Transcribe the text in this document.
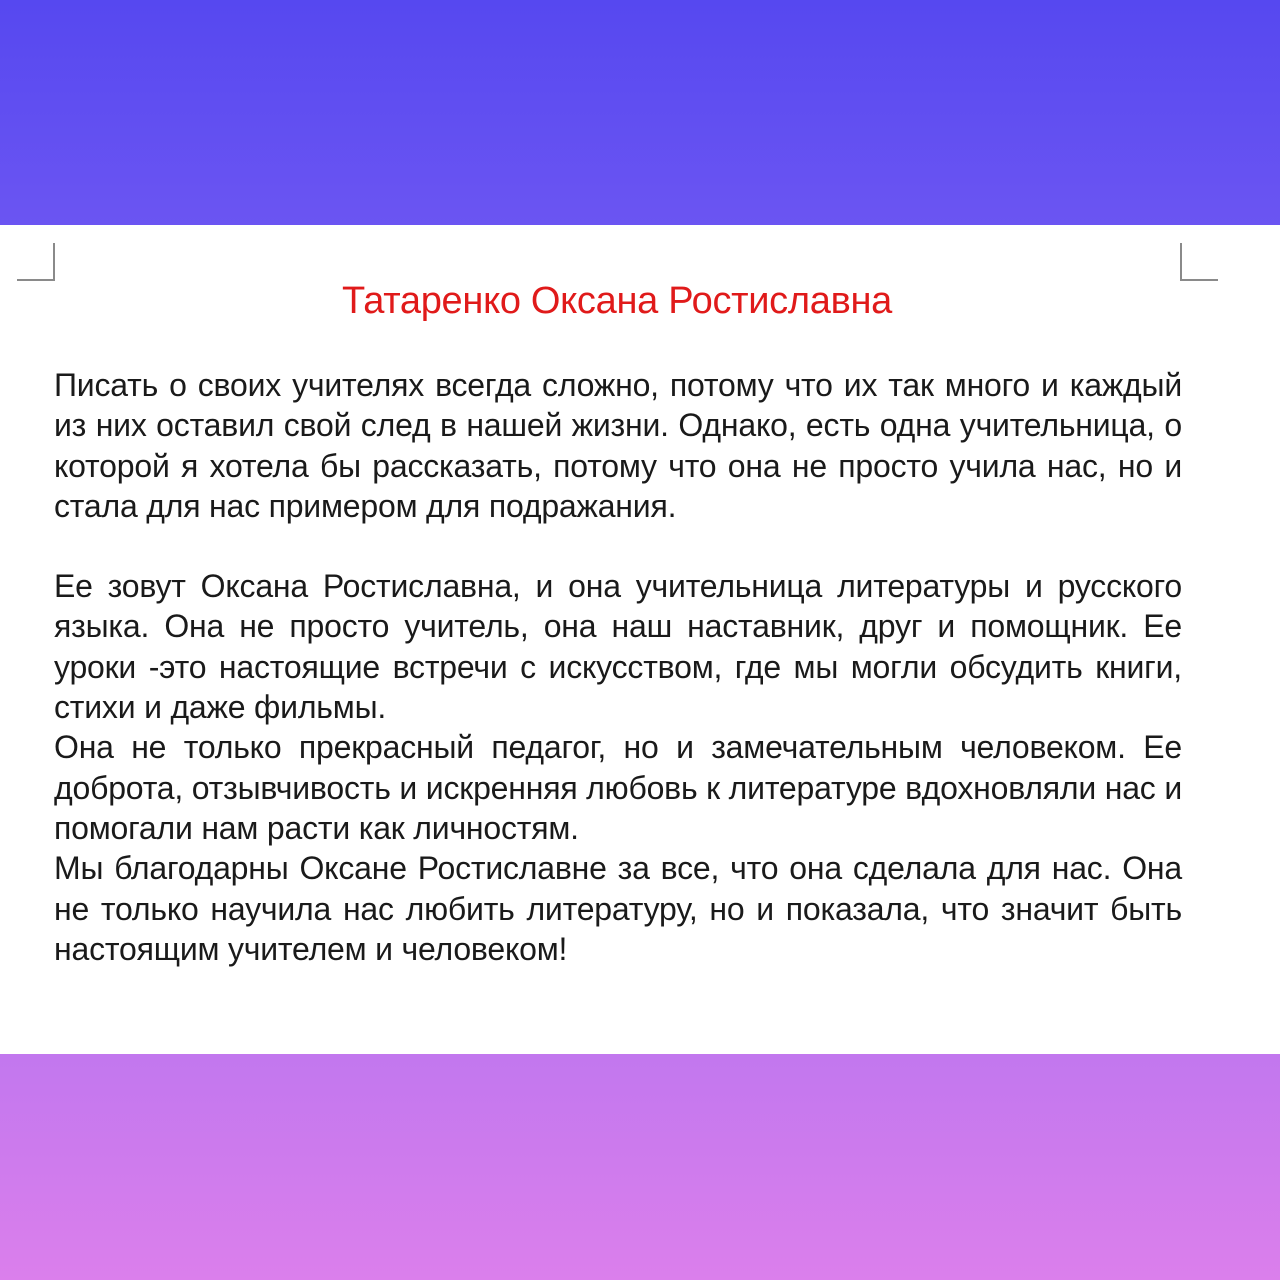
Татаренко Оксана Ростиславна

Писать о своих учителях всегда сложно, потому что их так много и каждый из них оставил свой след в нашей жизни. Однако, есть одна учительница, о которой я хотела бы рассказать, потому что она не просто учила нас, но и стала для нас примером для подражания.

Ее зовут Оксана Ростиславна, и она учительница литературы и русского языка. Она не просто учитель, она наш наставник, друг и помощник. Ее уроки -это настоящие встречи с искусством, где мы могли обсудить книги, стихи и даже фильмы.

Она не только прекрасный педагог, но и замечательным человеком. Ее доброта, отзывчивость и искренняя любовь к литературе вдохновляли нас и помогали нам расти как личностям.

Мы благодарны Оксане Ростиславне за все, что она сделала для нас. Она не только научила нас любить литературу, но и показала, что значит быть настоящим учителем и человеком!
